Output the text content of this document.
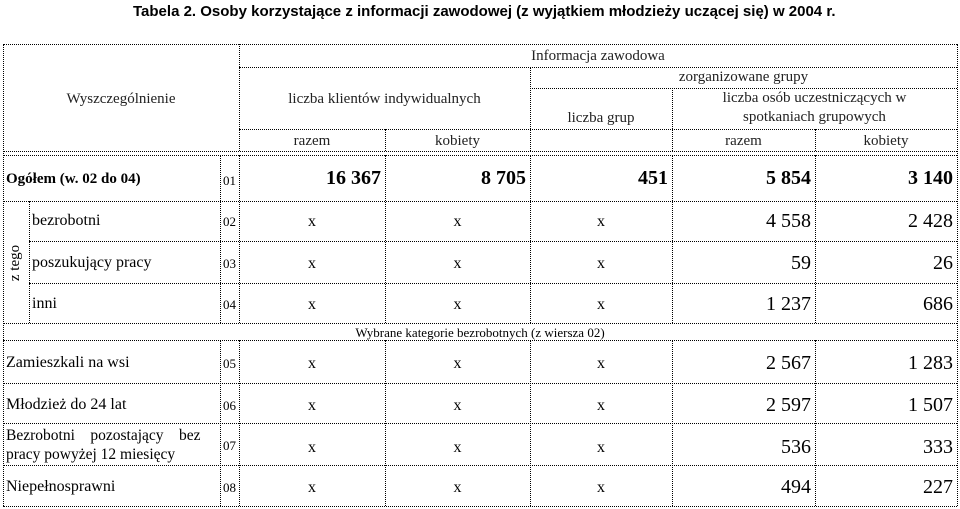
Tabela 2. Osoby korzystające z informacji zawodowej (z wyjątkiem młodzieży uczącej się) w 2004 r.
Wyszczególnienie
Informacja zawodowa
liczba klientów indywidualnych
zorganizowane grupy
liczba grup
liczba osób uczestniczących w
spotkaniach grupowych
razem	kobiety	razem	kobiety
z tego
Ogółem (w. 02 do 04)	01	16 367	8 705	451	5 854	3 140
bezrobotni	02	x	x	x	4 558	2 428
poszukujący pracy	03	x	x	x	59	26
inni	04	x	x	x	1 237	686
Wybrane kategorie bezrobotnych (z wiersza 02)
Zamieszkali na wsi	05	x	x	x	2 567	1 283
Młodzież do 24 lat	06	x	x	x	2 597	1 507
Bezrobotni    pozostający    bez
pracy powyżej 12 miesięcy
07	x	x	x	536	333
Niepełnosprawni	08	x	x	x	494	227
